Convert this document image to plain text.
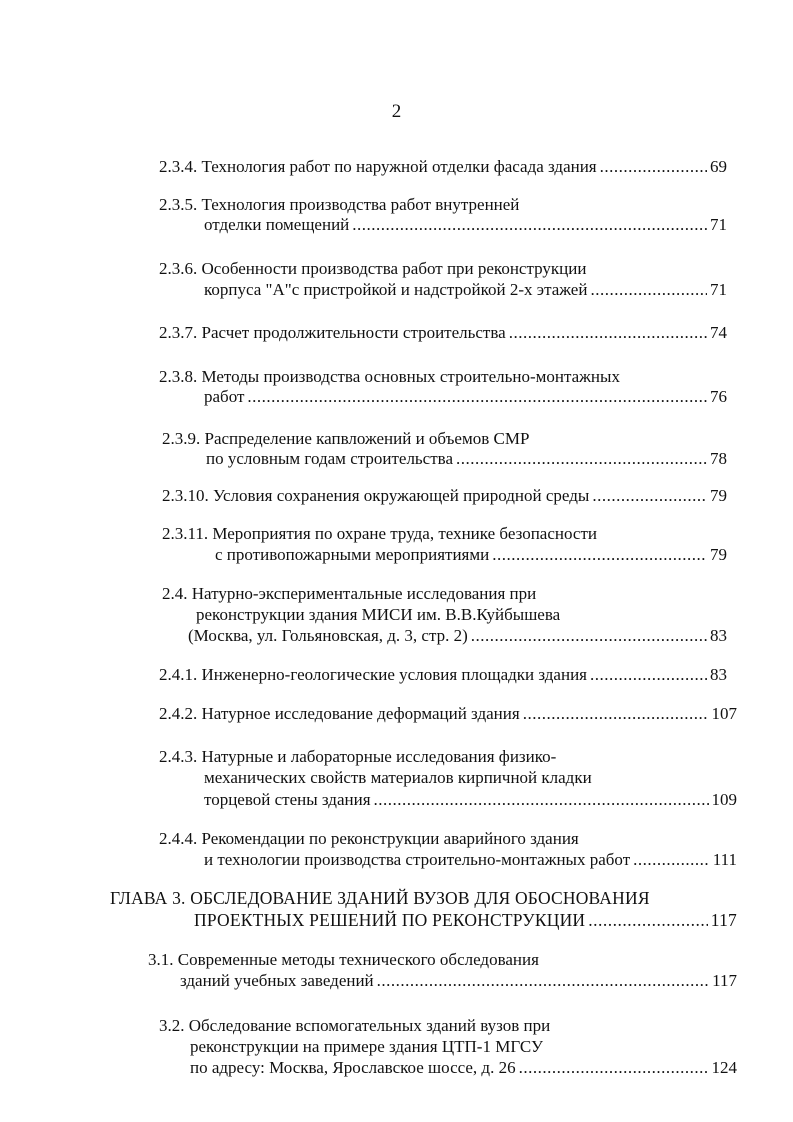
2
2.3.4.
Технология работ по наружной отделки фасада здания .....	69
2.3.5. Технология производства работ внутренней
отделки помещений .....	71
2.3.6. Особенности производства работ при реконструкции
корпуса "А"с пристройкой и надстройкой 2-х этажей .....	71
2.3.7.
Расчет продолжительности строительства .....	74
2.3.8. Методы производства основных строительно-монтажных
работ .....	76
2.3.9. Распределение капвложений и объемов СМР
по условным годам строительства .....	78
2.3.10.
Условия сохранения окружающей природной среды .....	79
2.3.11. Мероприятия по охране труда, технике безопасности
с противопожарными мероприятиями .....	79
2.4. Натурно-экспериментальные исследования при
реконструкции здания МИСИ им. В.В.Куйбышева
(Москва, ул. Гольяновская, д. 3, стр. 2) .....	83
2.4.1.
Инженерно-геологические условия площадки здания .....	83
2.4.2.
Натурное исследование деформаций здания .....	107
2.4.3. Натурные и лабораторные исследования физико-
механических свойств материалов кирпичной кладки
торцевой стены здания .....	109
2.4.4. Рекомендации по реконструкции аварийного здания
и технологии производства строительно-монтажных работ .....	111
ГЛАВА 3. ОБСЛЕДОВАНИЕ ЗДАНИЙ ВУЗОВ ДЛЯ ОБОСНОВАНИЯ
ПРОЕКТНЫХ РЕШЕНИЙ ПО РЕКОНСТРУКЦИИ .....	117
3.1. Современные методы технического обследования
зданий учебных заведений .....	117
3.2. Обследование вспомогательных зданий вузов при
реконструкции на примере здания ЦТП-1 МГСУ
по адресу: Москва, Ярославское шоссе, д. 26 .....	124
